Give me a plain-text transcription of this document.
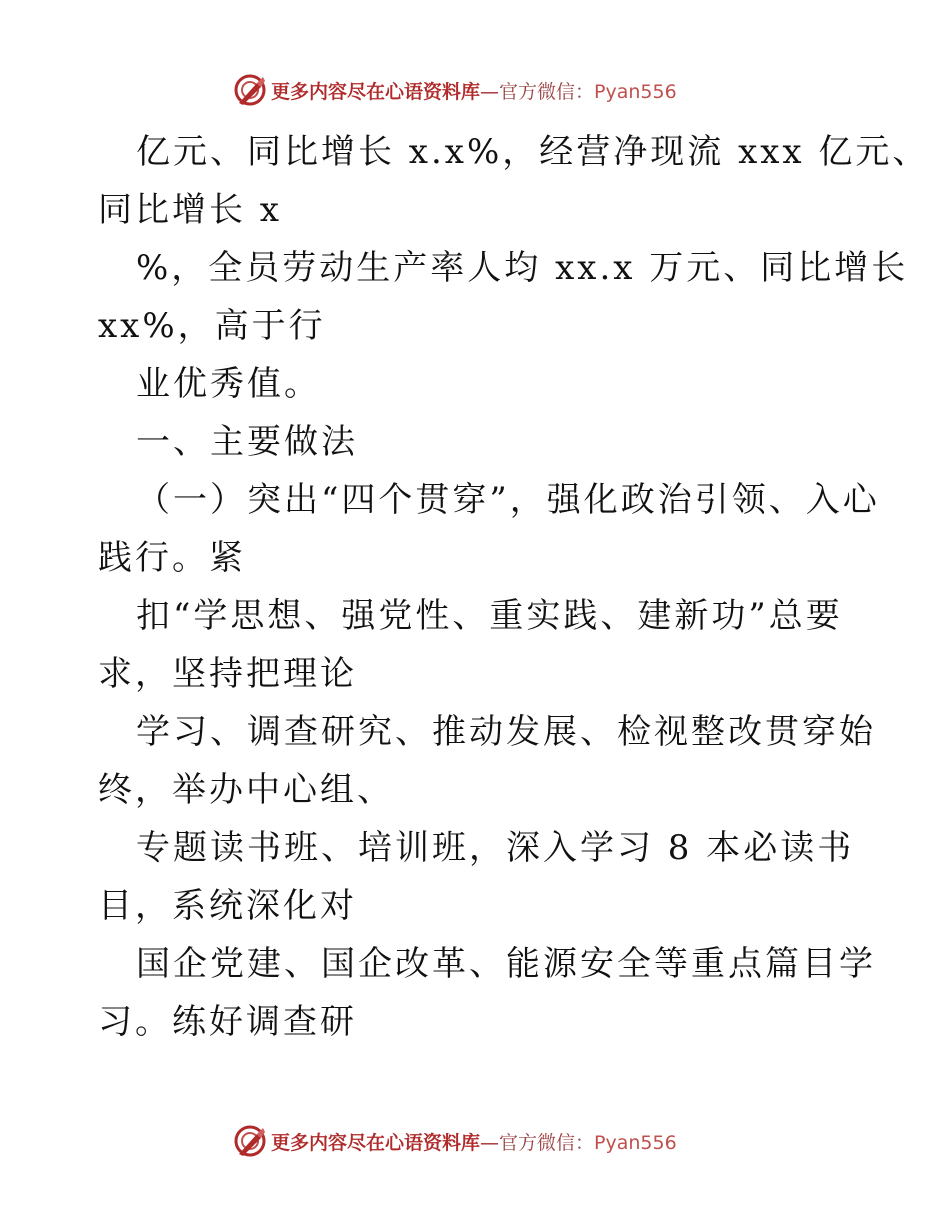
更多内容尽在心语资料库—官方微信：Pyan556
亿元、同比增长 x.x%，经营净现流 xxx 亿元、
同比增长 x
%，全员劳动生产率人均 xx.x 万元、同比增长
xx%，高于行
业优秀值。
一、主要做法
（一）突出“四个贯穿”，强化政治引领、入心
践行。紧
扣“学思想、强党性、重实践、建新功”总要
求，坚持把理论
学习、调查研究、推动发展、检视整改贯穿始
终，举办中心组、
专题读书班、培训班，深入学习 8 本必读书
目，系统深化对
国企党建、国企改革、能源安全等重点篇目学
习。练好调查研
更多内容尽在心语资料库—官方微信：Pyan556
